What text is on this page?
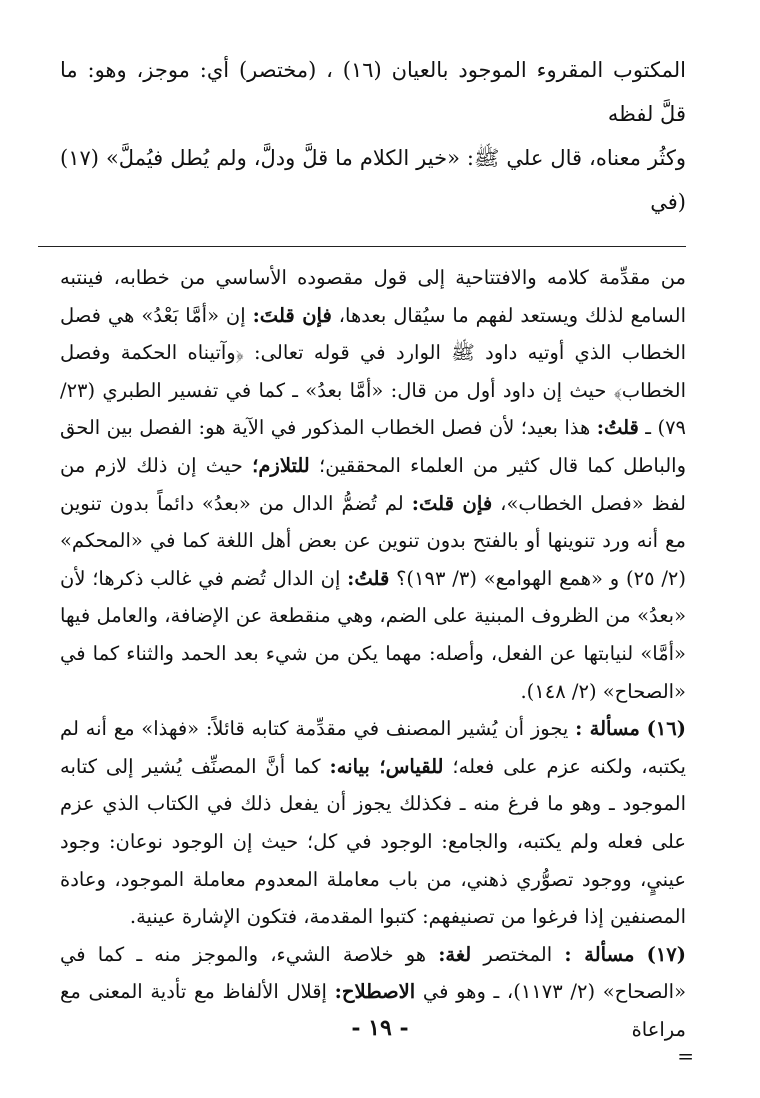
المكتوب المقروء الموجود بالعيان (١٦) ، (مختصر) أي: موجز، وهو: ما قلَّ لفظه

وكثُر معناه، قال علي ﷺ: «خير الكلام ما قلَّ ودلَّ، ولم يُطل فيُملَّ» (١٧) (في

من مقدِّمة كلامه والافتتاحية إلى قول مقصوده الأساسي من خطابه، فينتبه السامع لذلك ويستعد لفهم ما سيُقال بعدها، فإن قلتَ: إن «أمَّا بَعْدُ» هي فصل الخطاب الذي أوتيه داود ﷺ الوارد في قوله تعالى: ﴿وآتيناه الحكمة وفصل الخطاب﴾ حيث إن داود أول من قال: «أمَّا بعدُ» ـ كما في تفسير الطبري (٢٣/ ٧٩) ـ قلتُ: هذا بعيد؛ لأن فصل الخطاب المذكور في الآية هو: الفصل بين الحق والباطل كما قال كثير من العلماء المحققين؛ للتلازم؛ حيث إن ذلك لازم من لفظ «فصل الخطاب»، فإن قلتَ: لم تُضمُّ الدال من «بعدُ» دائماً بدون تنوين مع أنه ورد تنوينها أو بالفتح بدون تنوين عن بعض أهل اللغة كما في «المحكم» (٢/ ٢٥) و «همع الهوامع» (٣/ ١٩٣)؟ قلتُ: إن الدال تُضم في غالب ذكرها؛ لأن «بعدُ» من الظروف المبنية على الضم، وهي منقطعة عن الإضافة، والعامل فيها «أمَّا» لنيابتها عن الفعل، وأصله: مهما يكن من شيء بعد الحمد والثناء كما في «الصحاح» (٢/ ١٤٨).

(١٦) مسألة : يجوز أن يُشير المصنف في مقدِّمة كتابه قائلاً: «فهذا» مع أنه لم يكتبه، ولكنه عزم على فعله؛ للقياس؛ بيانه: كما أنَّ المصنِّف يُشير إلى كتابه الموجود ـ وهو ما فرغ منه ـ فكذلك يجوز أن يفعل ذلك في الكتاب الذي عزم على فعله ولم يكتبه، والجامع: الوجود في كل؛ حيث إن الوجود نوعان: وجود عينيٍ، ووجود تصوُّري ذهني، من باب معاملة المعدوم معاملة الموجود، وعادة المصنفين إذا فرغوا من تصنيفهم: كتبوا المقدمة، فتكون الإشارة عينية.

(١٧) مسألة : المختصر لغة: هو خلاصة الشيء، والموجز منه ـ كما في «الصحاح» (٢/ ١١٧٣)، ـ وهو في الاصطلاح: إقلال الألفاظ مع تأدية المعنى مع مراعاة

=
- ١٩ -
